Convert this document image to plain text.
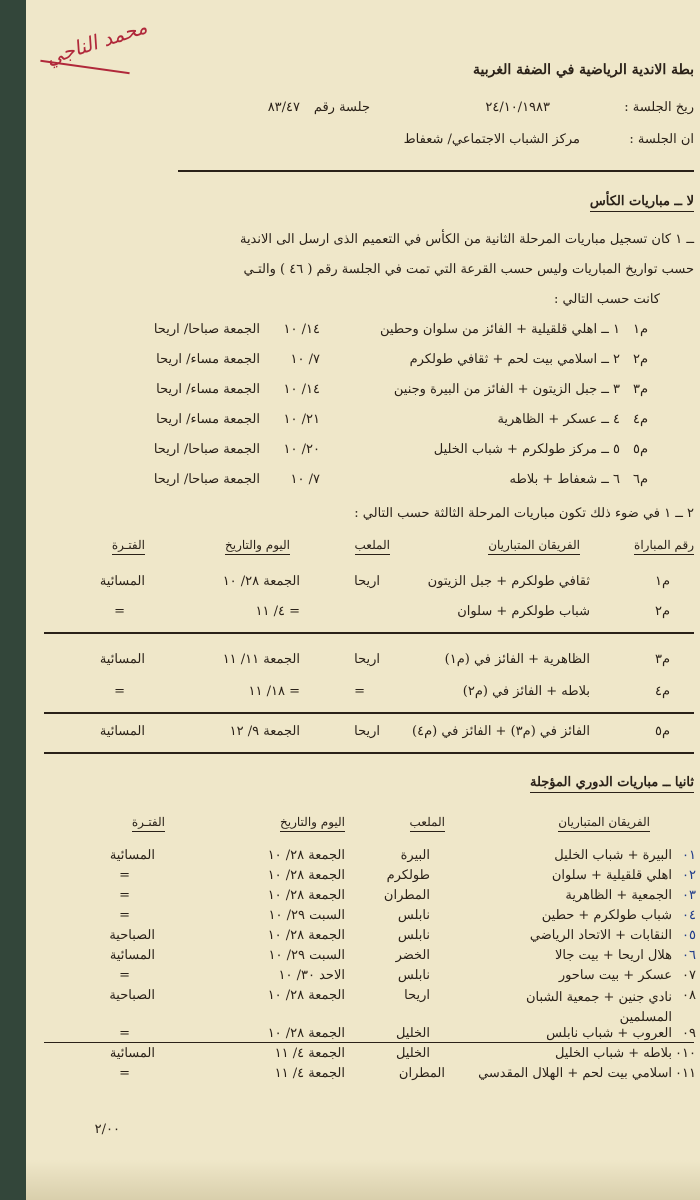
محمد الناجي
بطة الاندية الرياضية في الضفة الغربية
ريخ الجلسة :
٢٤/١٠/١٩٨٣
جلسة رقم
٨٣/٤٧
ان الجلسة :
مركز الشباب الاجتماعي/ شعفاط
لا ــ مباريات الكأس
ــ ١ كان تسجيل مباريات المرحلة الثانية من الكأس في التعميم الذى ارسل الى الاندية
حسب تواريخ المباريات وليس حسب القرعة التي تمت في الجلسة رقم ( ٤٦ ) والتـي
كانت حسب التالي :
م١
١ ــ اهلي قلقيلية + الفائز من سلوان وحطين
١٤/ ١٠
الجمعة صباحا/ اريحا
م٢
٢ ــ اسلامي بيت لحم + ثقافي طولكرم
٧/ ١٠
الجمعة مساء/ اريحا
م٣
٣ ــ جبل الزيتون + الفائز من البيرة وجنين
١٤/ ١٠
الجمعة مساء/ اريحا
م٤
٤ ــ عسكر + الظاهرية
٢١/ ١٠
الجمعة مساء/ اريحا
م٥
٥ ــ مركز طولكرم + شباب الخليل
٢٠/ ١٠
الجمعة صباحا/ اريحا
م٦
٦ ــ شعفاط + بلاطه
٧/ ١٠
الجمعة صباحا/ اريحا
٢ ــ ١ في ضوء ذلك تكون مباريات المرحلة الثالثة حسب التالي :
رقم المباراة
الفريقان المتباريان
الملعب
اليوم والتاريخ
الفتـرة
م١
ثقافي طولكرم + جبل الزيتون
اريحا
الجمعة ٢٨/ ١٠
المسائية
م٢
شباب طولكرم + سلوان
= ٤/ ١١
=
م٣
الظاهرية + الفائز في (م١)
اريحا
الجمعة ١١/ ١١
المسائية
م٤
بلاطه + الفائز في (م٢)
=
= ١٨/ ١١
=
م٥
الفائز في (م٣) + الفائز في (م٤)
اريحا
الجمعة ٩/ ١٢
المسائية
ثانيا ــ مباريات الدوري المؤجلة
الفريقان المتباريان
الملعب
اليوم والتاريخ
الفتـرة
٠١
البيرة + شباب الخليل
البيرة
الجمعة ٢٨/ ١٠
المسائية
٠٢
اهلي قلقيلية + سلوان
طولكرم
الجمعة ٢٨/ ١٠
=
٠٣
الجمعية + الظاهرية
المطران
الجمعة ٢٨/ ١٠
=
٠٤
شباب طولكرم + حطين
نابلس
السبت ٢٩/ ١٠
=
٠٥
النقابات + الاتحاد الرياضي
نابلس
الجمعة ٢٨/ ١٠
الصباحية
٠٦
هلال اريحا + بيت جالا
الخضر
السبت ٢٩/ ١٠
المسائية
٠٧
عسكر + بيت ساحور
نابلس
الاحد ٣٠/ ١٠
=
٠٨
نادي جنين + جمعية الشبان المسلمين
اريحا
الجمعة ٢٨/ ١٠
الصباحية
٠٩
العروب + شباب نابلس
الخليل
الجمعة ٢٨/ ١٠
=
٠١٠
بلاطه + شباب الخليل
الخليل
الجمعة ٤/ ١١
المسائية
٠١١
اسلامي بيت لحم + الهلال المقدسي
المطران
الجمعة ٤/ ١١
=
٢/٠٠
